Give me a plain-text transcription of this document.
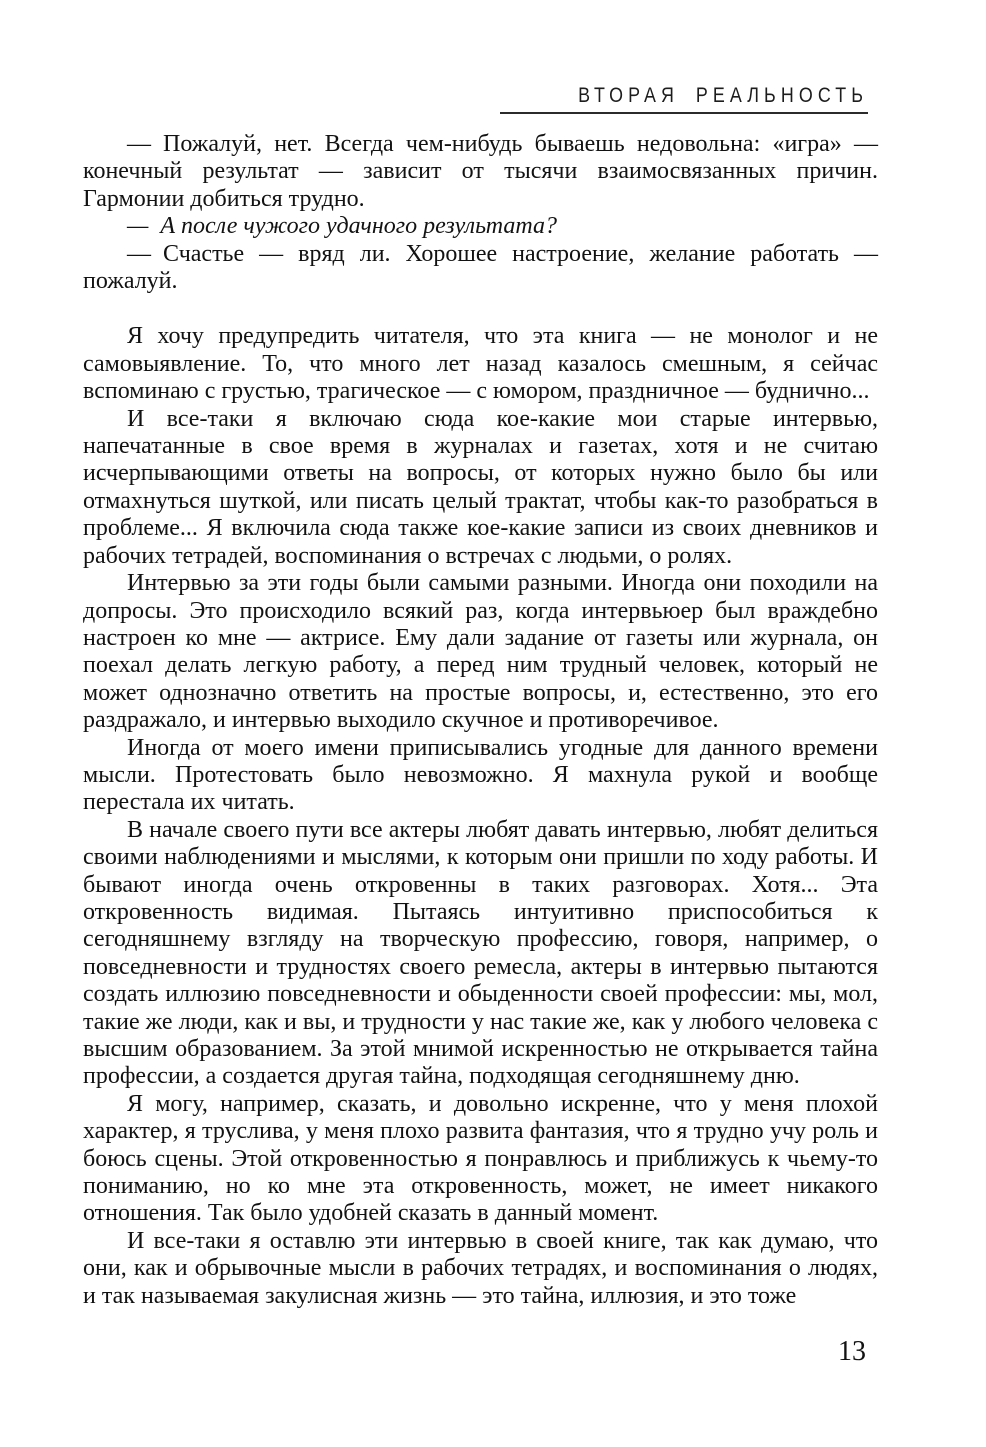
ВТОРАЯ РЕАЛЬНОСТЬ

— Пожалуй, нет. Всегда чем-нибудь бываешь недовольна: «игра» — конечный результат — зависит от тысячи взаимосвязанных причин. Гармонии добиться трудно.

— А после чужого удачного результата?

— Счастье — вряд ли. Хорошее настроение, желание работать — пожалуй.

Я хочу предупредить читателя, что эта книга — не монолог и не самовыявление. То, что много лет назад казалось смешным, я сейчас вспоминаю с грустью, трагическое — с юмором, праздничное — буднично...

И все-таки я включаю сюда кое-какие мои старые интервью, напечатанные в свое время в журналах и газетах, хотя и не считаю исчерпывающими ответы на вопросы, от которых нужно было бы или отмахнуться шуткой, или писать целый трактат, чтобы как-то разобраться в проблеме... Я включила сюда также кое-какие записи из своих дневников и рабочих тетрадей, воспоминания о встречах с людьми, о ролях.

Интервью за эти годы были самыми разными. Иногда они походили на допросы. Это происходило всякий раз, когда интервьюер был враждебно настроен ко мне — актрисе. Ему дали задание от газеты или журнала, он поехал делать легкую работу, а перед ним трудный человек, который не может однозначно ответить на простые вопросы, и, естественно, это его раздражало, и интервью выходило скучное и противоречивое.

Иногда от моего имени приписывались угодные для данного времени мысли. Протестовать было невозможно. Я махнула рукой и вообще перестала их читать.

В начале своего пути все актеры любят давать интервью, любят делиться своими наблюдениями и мыслями, к которым они пришли по ходу работы. И бывают иногда очень откровенны в таких разговорах. Хотя... Эта откровенность видимая. Пытаясь интуитивно приспособиться к сегодняшнему взгляду на творческую профессию, говоря, например, о повседневности и трудностях своего ремесла, актеры в интервью пытаются создать иллюзию повседневности и обыденности своей профессии: мы, мол, такие же люди, как и вы, и трудности у нас такие же, как у любого человека с высшим образованием. За этой мнимой искренностью не открывается тайна профессии, а создается другая тайна, подходящая сегодняшнему дню.

Я могу, например, сказать, и довольно искренне, что у меня плохой характер, я труслива, у меня плохо развита фантазия, что я трудно учу роль и боюсь сцены. Этой откровенностью я понравлюсь и приближусь к чьему-то пониманию, но ко мне эта откровенность, может, не имеет никакого отношения. Так было удобней сказать в данный момент.

И все-таки я оставлю эти интервью в своей книге, так как думаю, что они, как и обрывочные мысли в рабочих тетрадях, и воспоминания о людях, и так называемая закулисная жизнь — это тайна, иллюзия, и это тоже

13
